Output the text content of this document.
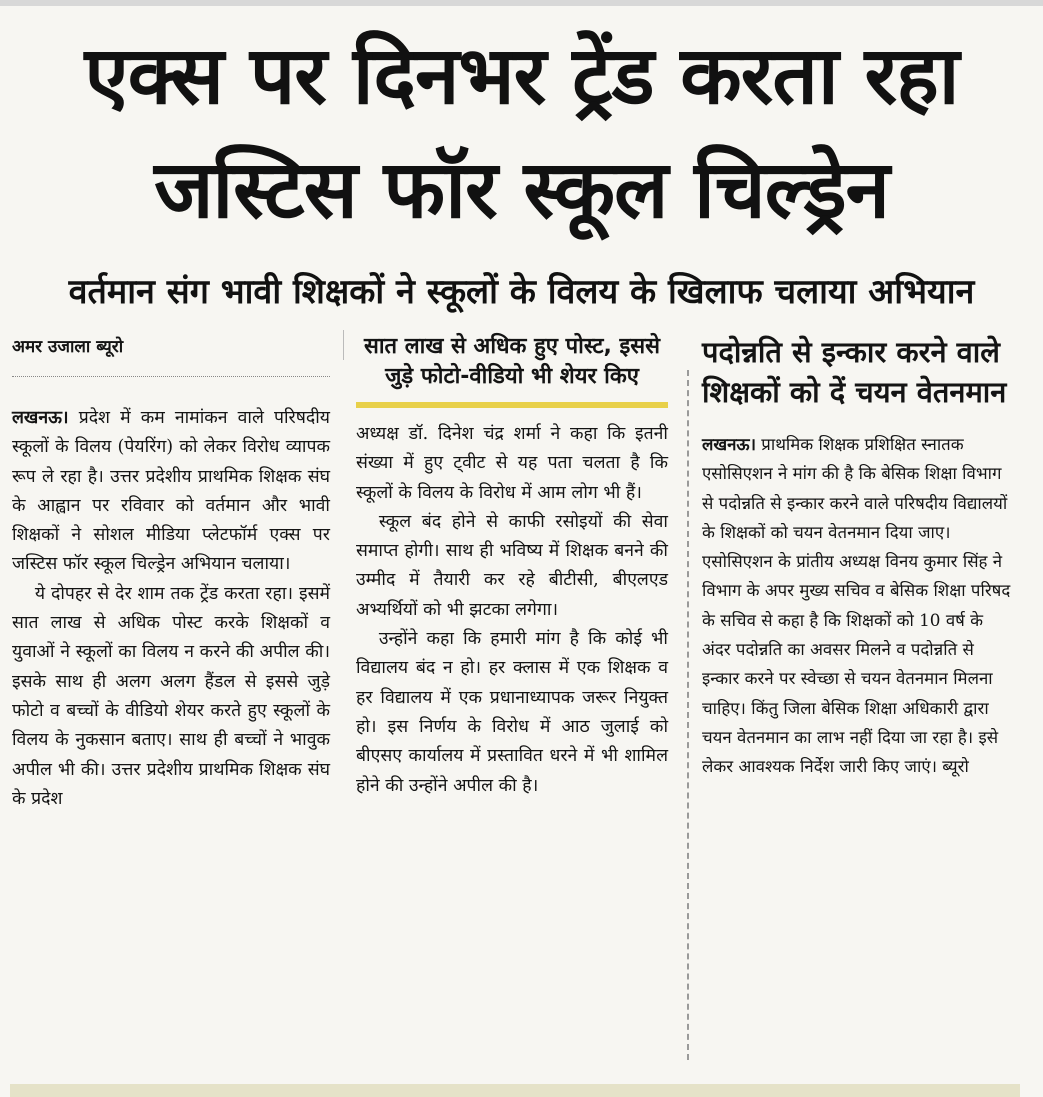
एक्स पर दिनभर ट्रेंड करता रहा
जस्टिस फॉर स्कूल चिल्ड्रेन
वर्तमान संग भावी शिक्षकों ने स्कूलों के विलय के खिलाफ चलाया अभियान
अमर उजाला ब्यूरो

लखनऊ। प्रदेश में कम नामांकन वाले परिषदीय स्कूलों के विलय (पेयरिंग) को लेकर विरोध व्यापक रूप ले रहा है। उत्तर प्रदेशीय प्राथमिक शिक्षक संघ के आह्वान पर रविवार को वर्तमान और भावी शिक्षकों ने सोशल मीडिया प्लेटफॉर्म एक्स पर जस्टिस फॉर स्कूल चिल्ड्रेन अभियान चलाया।

ये दोपहर से देर शाम तक ट्रेंड करता रहा। इसमें सात लाख से अधिक पोस्ट करके शिक्षकों व युवाओं ने स्कूलों का विलय न करने की अपील की। इसके साथ ही अलग अलग हैंडल से इससे जुड़े फोटो व बच्चों के वीडियो शेयर करते हुए स्कूलों के विलय के नुकसान बताए। साथ ही बच्चों ने भावुक अपील भी की। उत्तर प्रदेशीय प्राथमिक शिक्षक संघ के प्रदेश

सात लाख से अधिक हुए पोस्ट, इससे जुड़े फोटो-वीडियो भी शेयर किए

अध्यक्ष डॉ. दिनेश चंद्र शर्मा ने कहा कि इतनी संख्या में हुए ट्वीट से यह पता चलता है कि स्कूलों के विलय के विरोध में आम लोग भी हैं।

स्कूल बंद होने से काफी रसोइयों की सेवा समाप्त होगी। साथ ही भविष्य में शिक्षक बनने की उम्मीद में तैयारी कर रहे बीटीसी, बीएलएड अभ्यर्थियों को भी झटका लगेगा।

उन्होंने कहा कि हमारी मांग है कि कोई भी विद्यालय बंद न हो। हर क्लास में एक शिक्षक व हर विद्यालय में एक प्रधानाध्यापक जरूर नियुक्त हो। इस निर्णय के विरोध में आठ जुलाई को बीएसए कार्यालय में प्रस्तावित धरने में भी शामिल होने की उन्होंने अपील की है।

पदोन्नति से इन्कार करने वाले शिक्षकों को दें चयन वेतनमान

लखनऊ। प्राथमिक शिक्षक प्रशिक्षित स्नातक एसोसिएशन ने मांग की है कि बेसिक शिक्षा विभाग से पदोन्नति से इन्कार करने वाले परिषदीय विद्यालयों के शिक्षकों को चयन वेतनमान दिया जाए। एसोसिएशन के प्रांतीय अध्यक्ष विनय कुमार सिंह ने विभाग के अपर मुख्य सचिव व बेसिक शिक्षा परिषद के सचिव से कहा है कि शिक्षकों को 10 वर्ष के अंदर पदोन्नति का अवसर मिलने व पदोन्नति से इन्कार करने पर स्वेच्छा से चयन वेतनमान मिलना चाहिए। किंतु जिला बेसिक शिक्षा अधिकारी द्वारा चयन वेतनमान का लाभ नहीं दिया जा रहा है। इसे लेकर आवश्यक निर्देश जारी किए जाएं। ब्यूरो
